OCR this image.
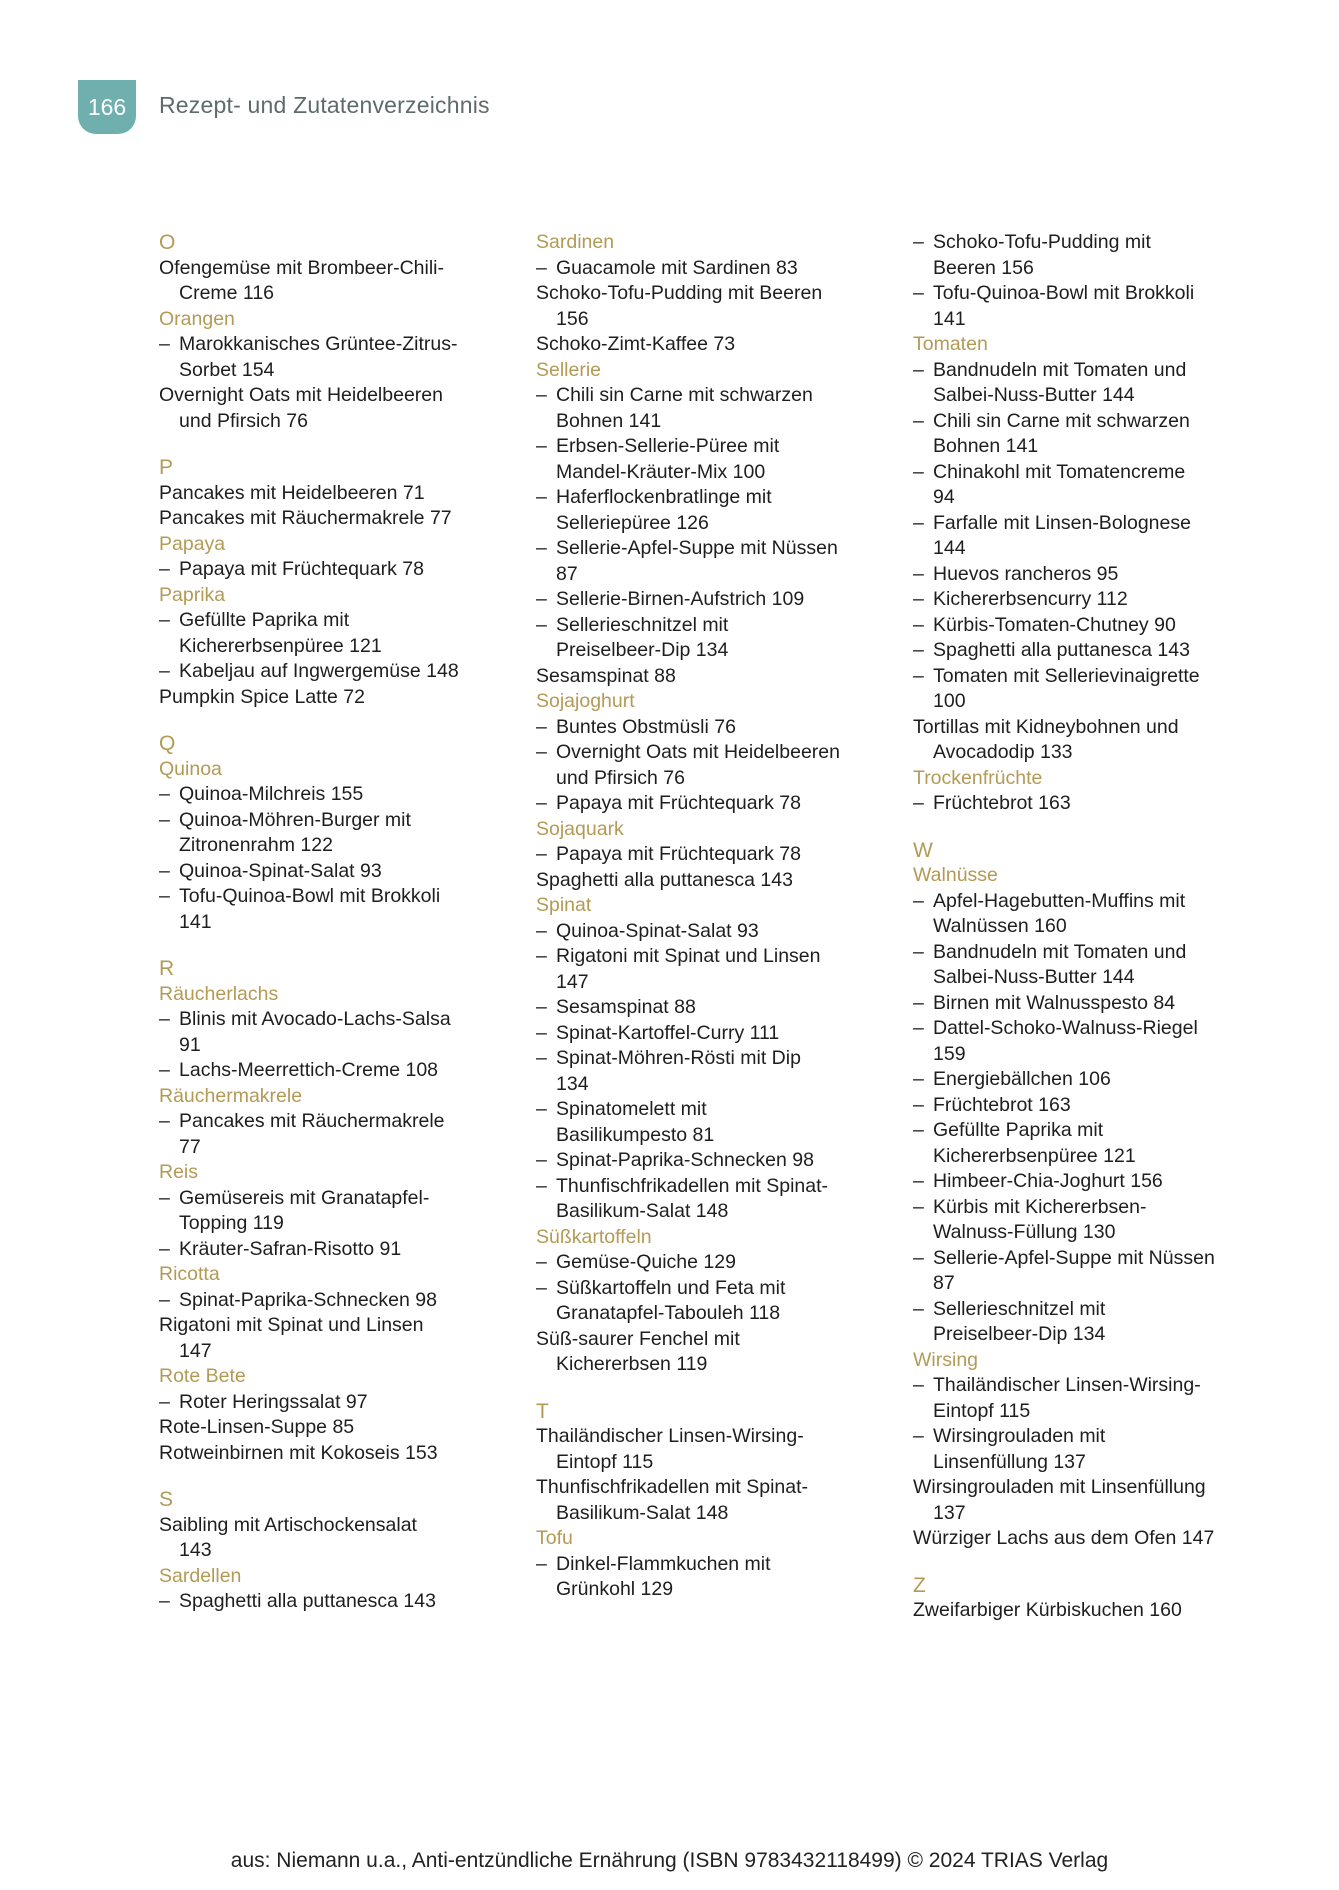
166	Rezept- und Zutatenverzeichnis
O
Ofengemüse mit Brombeer-Chili-
Creme 116
Orangen
– Marokkanisches Grüntee-Zitrus-
Sorbet 154
Overnight Oats mit Heidelbeeren
und Pfirsich 76
P
Pancakes mit Heidelbeeren 71
Pancakes mit Räuchermakrele 77
Papaya
– Papaya mit Früchtequark 78
Paprika
– Gefüllte Paprika mit
Kichererbsenpüree 121
– Kabeljau auf Ingwergemüse 148
Pumpkin Spice Latte 72
Q
Quinoa
– Quinoa-Milchreis 155
– Quinoa-Möhren-Burger mit
Zitronenrahm 122
– Quinoa-Spinat-Salat 93
– Tofu-Quinoa-Bowl mit Brokkoli
141
R
Räucherlachs
– Blinis mit Avocado-Lachs-Salsa
91
– Lachs-Meerrettich-Creme 108
Räuchermakrele
– Pancakes mit Räuchermakrele
77
Reis
– Gemüsereis mit Granatapfel-
Topping 119
– Kräuter-Safran-Risotto 91
Ricotta
– Spinat-Paprika-Schnecken 98
Rigatoni mit Spinat und Linsen
147
Rote Bete
– Roter Heringssalat 97
Rote-Linsen-Suppe 85
Rotweinbirnen mit Kokoseis 153
S
Saibling mit Artischockensalat
143
Sardellen
– Spaghetti alla puttanesca 143
Sardinen
– Guacamole mit Sardinen 83
Schoko-Tofu-Pudding mit Beeren
156
Schoko-Zimt-Kaffee 73
Sellerie
– Chili sin Carne mit schwarzen
Bohnen 141
– Erbsen-Sellerie-Püree mit
Mandel-Kräuter-Mix 100
– Haferflockenbratlinge mit
Selleriepüree 126
– Sellerie-Apfel-Suppe mit Nüssen
87
– Sellerie-Birnen-Aufstrich 109
– Sellerieschnitzel mit
Preiselbeer-Dip 134
Sesamspinat 88
Sojajoghurt
– Buntes Obstmüsli 76
– Overnight Oats mit Heidelbeeren
und Pfirsich 76
– Papaya mit Früchtequark 78
Sojaquark
– Papaya mit Früchtequark 78
Spaghetti alla puttanesca 143
Spinat
– Quinoa-Spinat-Salat 93
– Rigatoni mit Spinat und Linsen
147
– Sesamspinat 88
– Spinat-Kartoffel-Curry 111
– Spinat-Möhren-Rösti mit Dip
134
– Spinatomelett mit
Basilikumpesto 81
– Spinat-Paprika-Schnecken 98
– Thunfischfrikadellen mit Spinat-
Basilikum-Salat 148
Süßkartoffeln
– Gemüse-Quiche 129
– Süßkartoffeln und Feta mit
Granatapfel-Tabouleh 118
Süß-saurer Fenchel mit
Kichererbsen 119
T
Thailändischer Linsen-Wirsing-
Eintopf 115
Thunfischfrikadellen mit Spinat-
Basilikum-Salat 148
Tofu
– Dinkel-Flammkuchen mit
Grünkohl 129
– Schoko-Tofu-Pudding mit
Beeren 156
– Tofu-Quinoa-Bowl mit Brokkoli
141
Tomaten
– Bandnudeln mit Tomaten und
Salbei-Nuss-Butter 144
– Chili sin Carne mit schwarzen
Bohnen 141
– Chinakohl mit Tomatencreme
94
– Farfalle mit Linsen-Bolognese
144
– Huevos rancheros 95
– Kichererbsencurry 112
– Kürbis-Tomaten-Chutney 90
– Spaghetti alla puttanesca 143
– Tomaten mit Sellerievinaigrette
100
Tortillas mit Kidneybohnen und
Avocadodip 133
Trockenfrüchte
– Früchtebrot 163
W
Walnüsse
– Apfel-Hagebutten-Muffins mit
Walnüssen 160
– Bandnudeln mit Tomaten und
Salbei-Nuss-Butter 144
– Birnen mit Walnusspesto 84
– Dattel-Schoko-Walnuss-Riegel
159
– Energiebällchen 106
– Früchtebrot 163
– Gefüllte Paprika mit
Kichererbsenpüree 121
– Himbeer-Chia-Joghurt 156
– Kürbis mit Kichererbsen-
Walnuss-Füllung 130
– Sellerie-Apfel-Suppe mit Nüssen
87
– Sellerieschnitzel mit
Preiselbeer-Dip 134
Wirsing
– Thailändischer Linsen-Wirsing-
Eintopf 115
– Wirsingrouladen mit
Linsenfüllung 137
Wirsingrouladen mit Linsenfüllung
137
Würziger Lachs aus dem Ofen 147
Z
Zweifarbiger Kürbiskuchen 160
aus: Niemann u.a., Anti-entzündliche Ernährung (ISBN 9783432118499) © 2024 TRIAS Verlag
